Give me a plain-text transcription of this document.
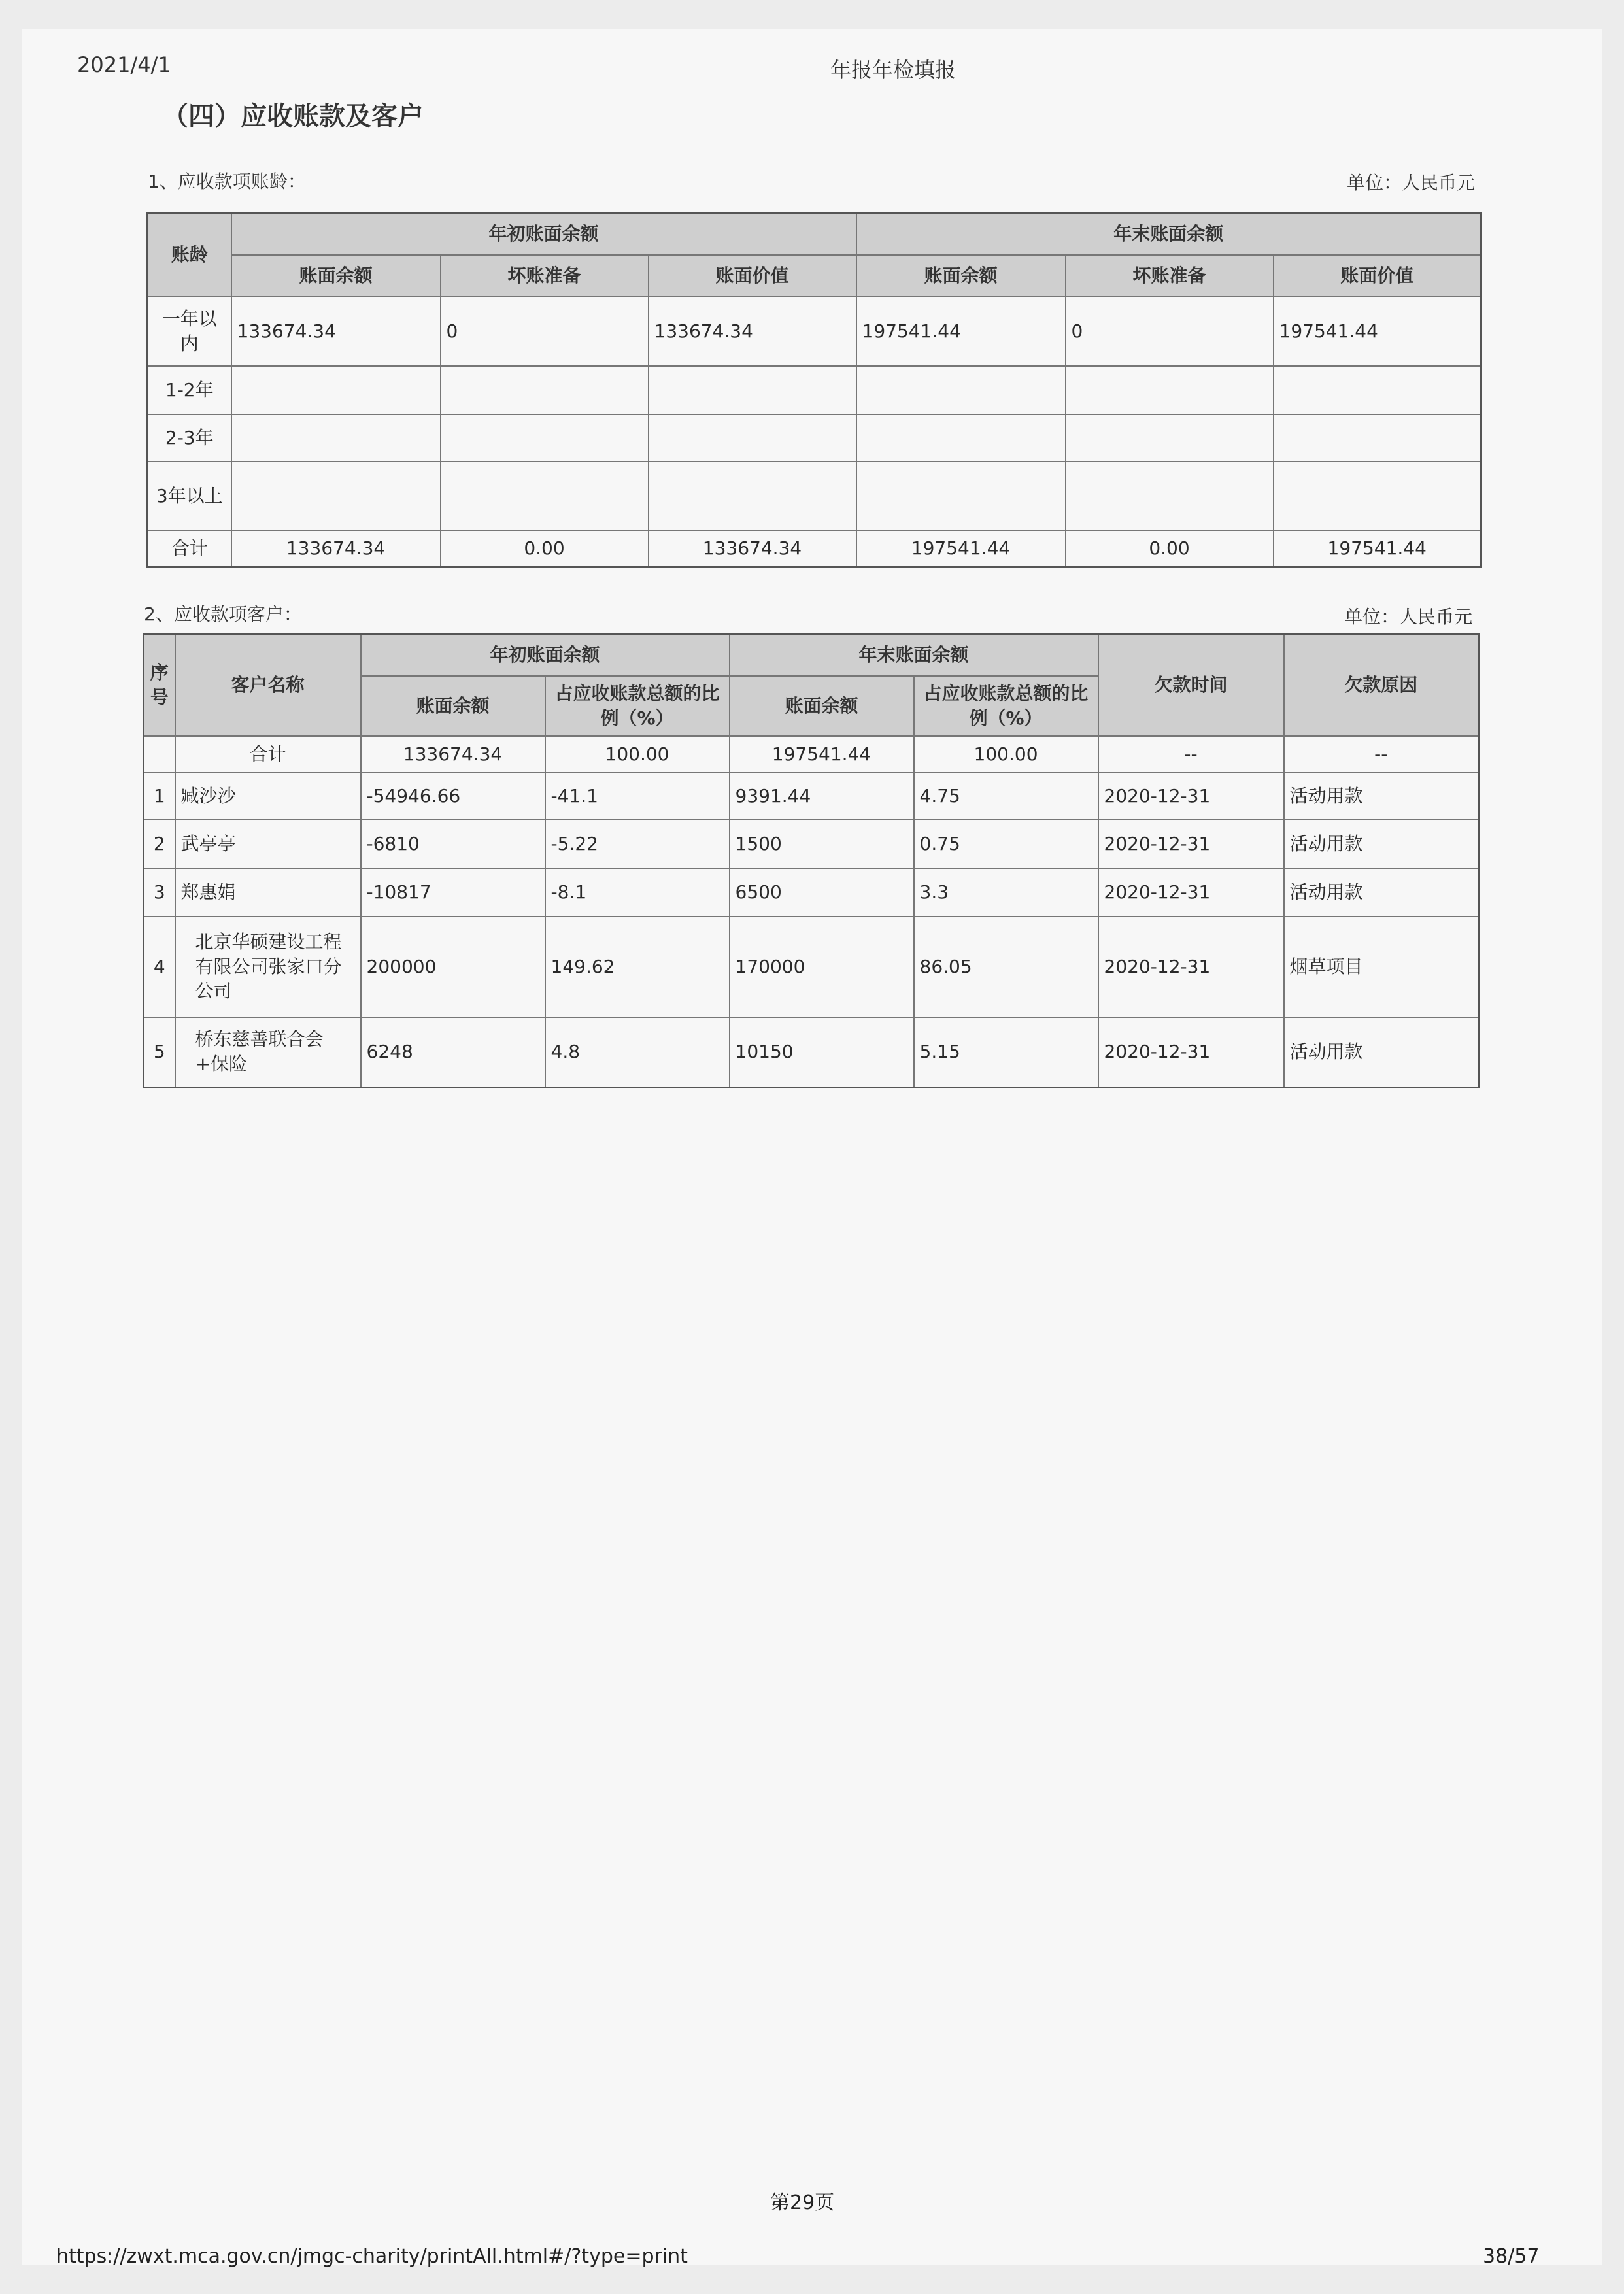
2021/4/1	年报年检填报
（四）应收账款及客户
1、应收款项账龄：	单位：人民币元
账龄	年初账面余额			年末账面余额		
	账面余额	坏账准备	账面价值	账面余额	坏账准备	账面价值
一年以内	133674.34	0	133674.34	197541.44	0	197541.44
1-2年						
2-3年						
3年以上						
合计	133674.34	0.00	133674.34	197541.44	0.00	197541.44
2、应收款项客户：	单位：人民币元
序号	客户名称	年初账面余额		年末账面余额		欠款时间	欠款原因
		账面余额	占应收账款总额的比例（%）	账面余额	占应收账款总额的比例（%）		
	合计	133674.34	100.00	197541.44	100.00	--	--
1	臧沙沙	-54946.66	-41.1	9391.44	4.75	2020-12-31	活动用款
2	武亭亭	-6810	-5.22	1500	0.75	2020-12-31	活动用款
3	郑惠娟	-10817	-8.1	6500	3.3	2020-12-31	活动用款
4	北京华硕建设工程有限公司张家口分公司	200000	149.62	170000	86.05	2020-12-31	烟草项目
5	桥东慈善联合会+保险	6248	4.8	10150	5.15	2020-12-31	活动用款
第29页
https://zwxt.mca.gov.cn/jmgc-charity/printAll.html#/?type=print	38/57
